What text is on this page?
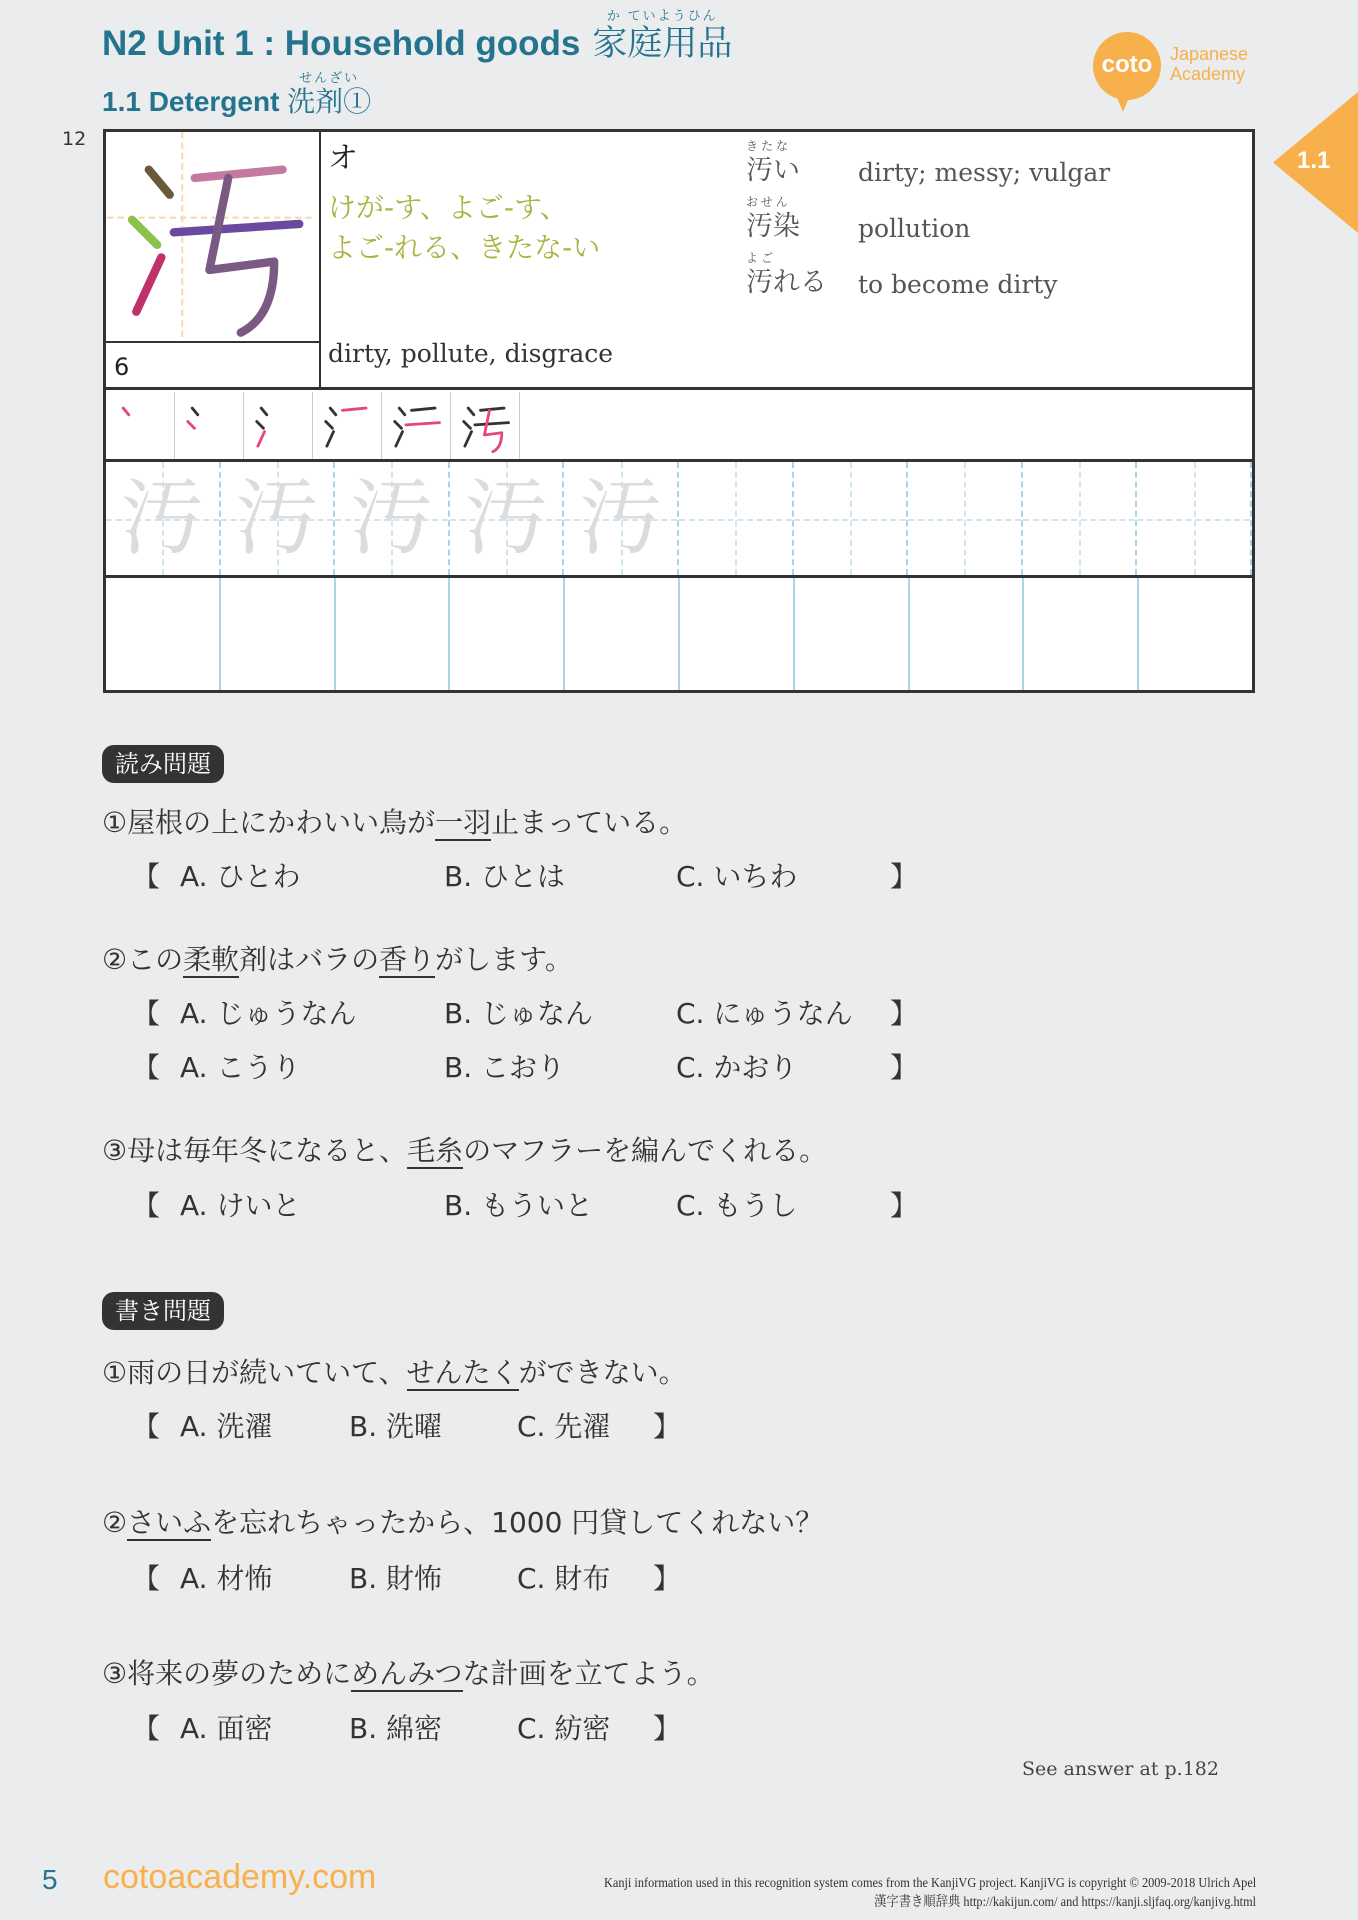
N2 Unit 1 : Household goods
か ていようひん
家庭用品
1.1 Detergent
せんざい
洗剤①
coto Japanese
Academy
1.1
12
6
オ
けが-す、よご-す、
よご-れる、きたな-い
dirty, pollute, disgrace
きたな
汚い dirty; messy; vulgar
おせん
汚染 pollution
よご
汚れる to become dirty
汚 汚 汚 汚 汚
読み問題
①屋根の上にかわいい鳥が一羽止まっている。
【 A. ひとわ	B. ひとは	C. いちわ	】
②この柔軟剤はバラの香りがします。
【 A. じゅうなん	B. じゅなん	C. にゅうなん 】
【 A. こうり	B. こおり	C. かおり	】
③母は毎年冬になると、毛糸のマフラーを編んでくれる。
【 A. けいと	B. もういと	C. もうし	】
書き問題
①雨の日が続いていて、せんたくができない。
【 A. 洗濯	B. 洗曜	C. 先濯 】
②さいふを忘れちゃったから、1000 円貸してくれない？
【 A. 材怖	B. 財怖	C. 財布 】
③将来の夢のためにめんみつな計画を立てよう。
【 A. 面密	B. 綿密	C. 紡密 】
See answer at p.182
5 cotoacademy.com	Kanji information used in this recognition system comes from the KanjiVG project. KanjiVG is copyright © 2009-2018 Ulrich Apel
漢字書き順辞典 http://kakijun.com/ and https://kanji.sljfaq.org/kanjivg.html
